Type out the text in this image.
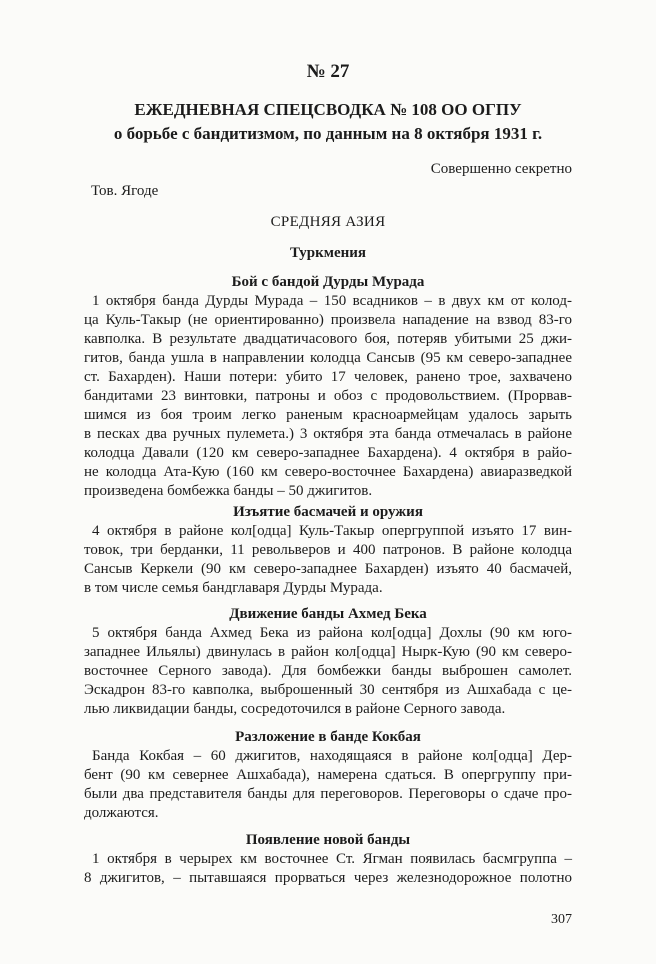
№ 27
ЕЖЕДНЕВНАЯ СПЕЦСВОДКА № 108 ОО ОГПУ
о борьбе с бандитизмом, по данным на 8 октября 1931 г.
Совершенно секретно
Тов. Ягоде
СРЕДНЯЯ АЗИЯ
Туркмения
Бой с бандой Дурды Мурада
1 октября банда Дурды Мурада – 150 всадников – в двух км от колод-
ца Куль-Такыр (не ориентированно) произвела нападение на взвод 83-го
кавполка. В результате двадцатичасового боя, потеряв убитыми 25 джи-
гитов, банда ушла в направлении колодца Сансыв (95 км северо-западнее
ст. Бахарден). Наши потери: убито 17 человек, ранено трое, захвачено
бандитами 23 винтовки, патроны и обоз с продовольствием. (Прорвав-
шимся из боя троим легко раненым красноармейцам удалось зарыть
в песках два ручных пулемета.) 3 октября эта банда отмечалась в районе
колодца Давали (120 км северо-западнее Бахардена). 4 октября в райо-
не колодца Ата-Кую (160 км северо-восточнее Бахардена) авиаразведкой
произведена бомбежка банды – 50 джигитов.
Изъятие басмачей и оружия
4 октября в районе кол[одца] Куль-Такыр опергруппой изъято 17 вин-
товок, три берданки, 11 револьверов и 400 патронов. В районе колодца
Сансыв Керкели (90 км северо-западнее Бахарден) изъято 40 басмачей,
в том числе семья бандглаваря Дурды Мурада.
Движение банды Ахмед Бека
5 октября банда Ахмед Бека из района кол[одца] Дохлы (90 км юго-
западнее Ильялы) двинулась в район кол[одца] Нырк-Кую (90 км северо-
восточнее Серного завода). Для бомбежки банды выброшен самолет.
Эскадрон 83-го кавполка, выброшенный 30 сентября из Ашхабада с це-
лью ликвидации банды, сосредоточился в районе Серного завода.
Разложение в банде Кокбая
Банда Кокбая – 60 джигитов, находящаяся в районе кол[одца] Дер-
бент (90 км севернее Ашхабада), намерена сдаться. В опергруппу при-
были два представителя банды для переговоров. Переговоры о сдаче про-
должаются.
Появление новой банды
1 октября в черырех км восточнее Ст. Ягман появилась басмгруппа –
8 джигитов, – пытавшаяся прорваться через железнодорожное полотно
307
